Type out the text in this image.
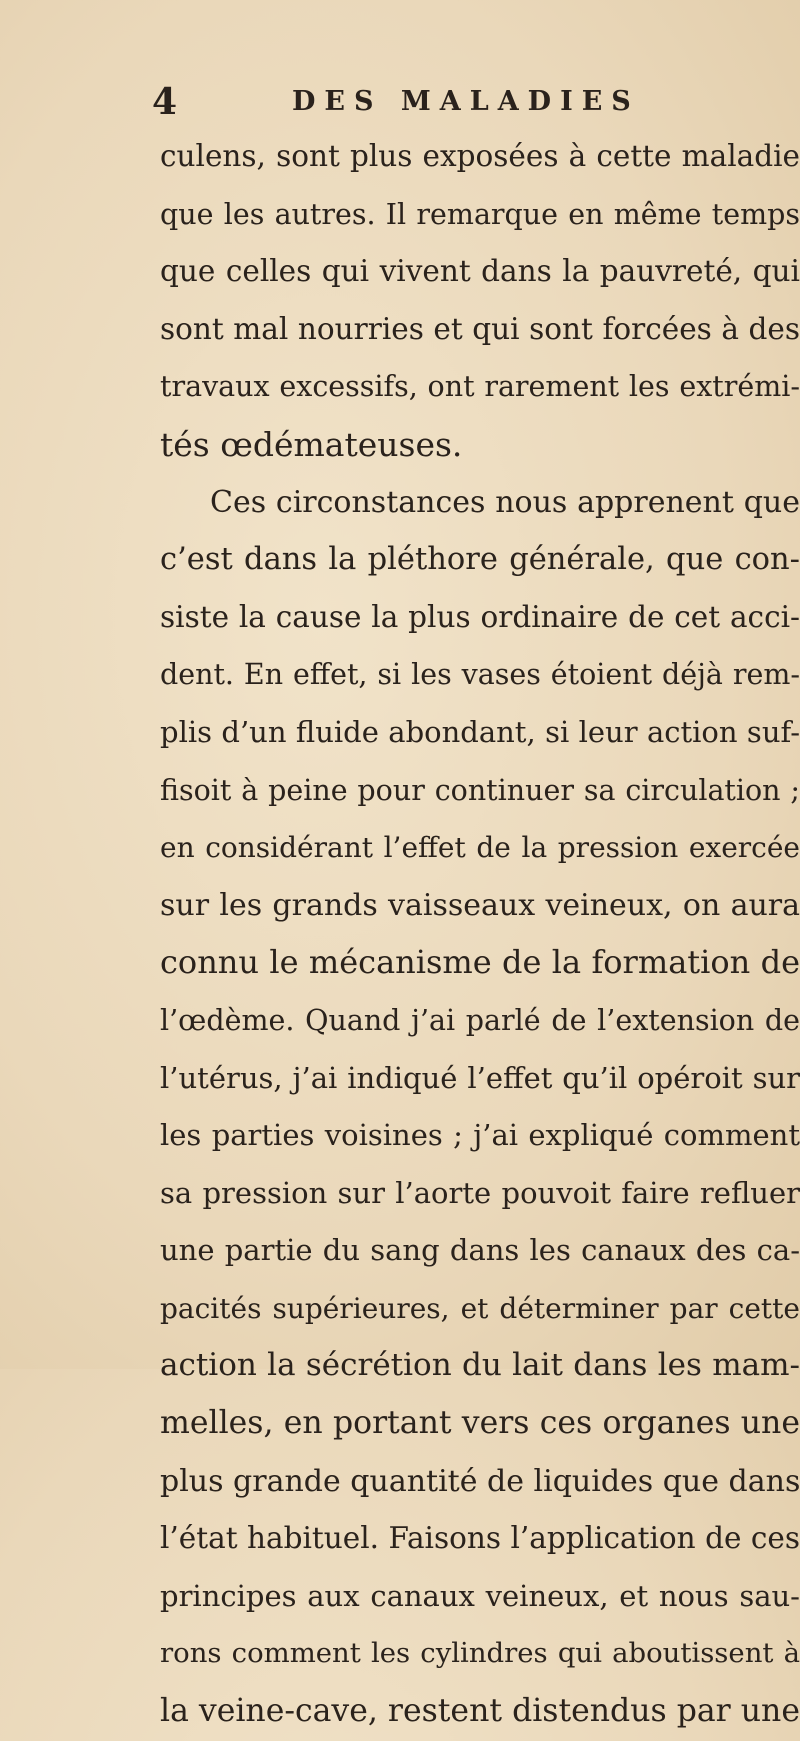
4	DES MALADIES
culens, sont plus exposées à cette maladie
que les autres. Il remarque en même temps
que celles qui vivent dans la pauvreté, qui
sont mal nourries et qui sont forcées à des
travaux excessifs, ont rarement les extrémi-
tés œdémateuses.
Ces circonstances nous apprenent que
c’est dans la pléthore générale, que con-
siste la cause la plus ordinaire de cet acci-
dent. En effet, si les vases étoient déjà rem-
plis d’un fluide abondant, si leur action suf-
fisoit à peine pour continuer sa circulation ;
en considérant l’effet de la pression exercée
sur les grands vaisseaux veineux, on aura
connu le mécanisme de la formation de
l’œdème. Quand j’ai parlé de l’extension de
l’utérus, j’ai indiqué l’effet qu’il opéroit sur
les parties voisines ; j’ai expliqué comment
sa pression sur l’aorte pouvoit faire refluer
une partie du sang dans les canaux des ca-
pacités supérieures, et déterminer par cette
action la sécrétion du lait dans les mam-
melles, en portant vers ces organes une
plus grande quantité de liquides que dans
l’état habituel. Faisons l’application de ces
principes aux canaux veineux, et nous sau-
rons comment les cylindres qui aboutissent à
la veine-cave, restent distendus par une
